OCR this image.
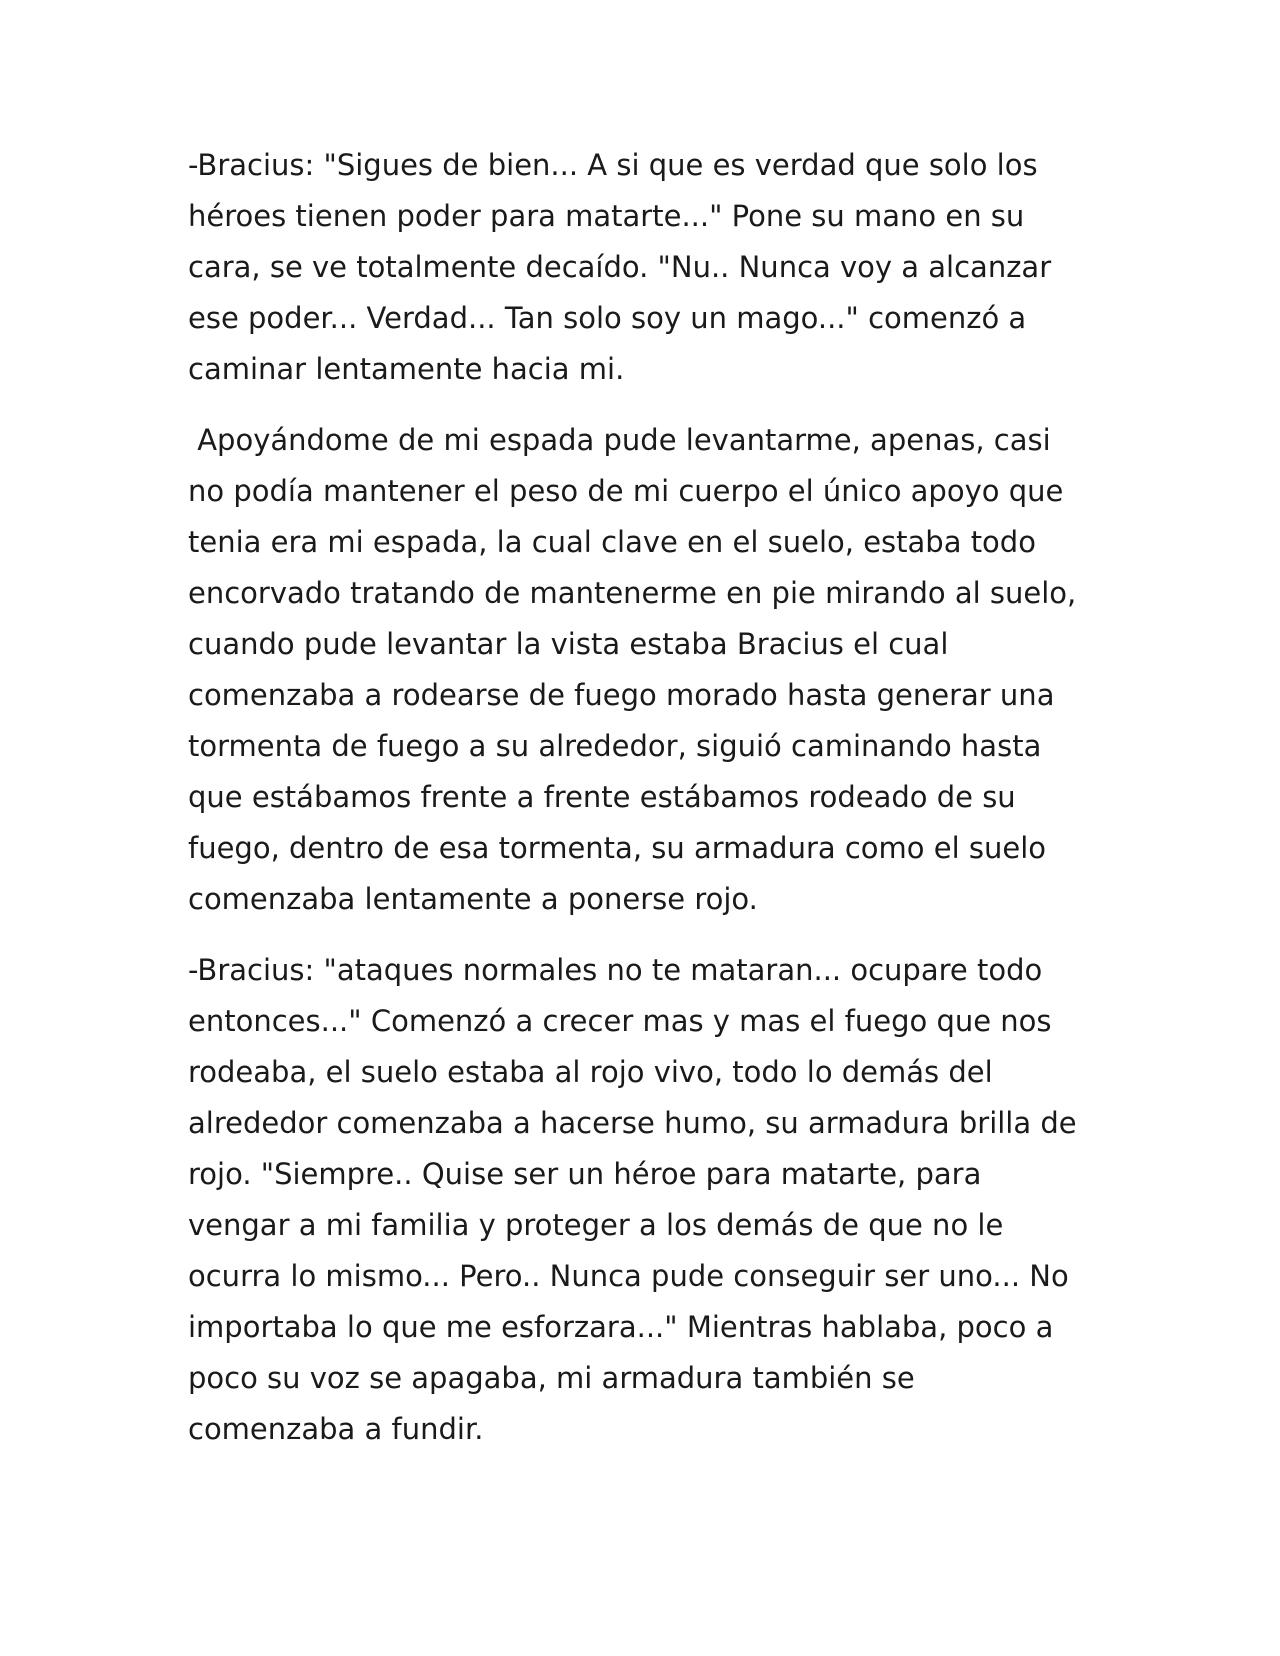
-Bracius: "Sigues de bien... A si que es verdad que solo los
héroes tienen poder para matarte..." Pone su mano en su
cara, se ve totalmente decaído. "Nu.. Nunca voy a alcanzar
ese poder... Verdad... Tan solo soy un mago..." comenzó a
caminar lentamente hacia mi.

Apoyándome de mi espada pude levantarme, apenas, casi
no podía mantener el peso de mi cuerpo el único apoyo que
tenia era mi espada, la cual clave en el suelo, estaba todo
encorvado tratando de mantenerme en pie mirando al suelo,
cuando pude levantar la vista estaba Bracius el cual
comenzaba a rodearse de fuego morado hasta generar una
tormenta de fuego a su alrededor, siguió caminando hasta
que estábamos frente a frente estábamos rodeado de su
fuego, dentro de esa tormenta, su armadura como el suelo
comenzaba lentamente a ponerse rojo.

-Bracius: "ataques normales no te mataran... ocupare todo
entonces..." Comenzó a crecer mas y mas el fuego que nos
rodeaba, el suelo estaba al rojo vivo, todo lo demás del
alrededor comenzaba a hacerse humo, su armadura brilla de
rojo. "Siempre.. Quise ser un héroe para matarte, para
vengar a mi familia y proteger a los demás de que no le
ocurra lo mismo... Pero.. Nunca pude conseguir ser uno... No
importaba lo que me esforzara..." Mientras hablaba, poco a
poco su voz se apagaba, mi armadura también se
comenzaba a fundir.
